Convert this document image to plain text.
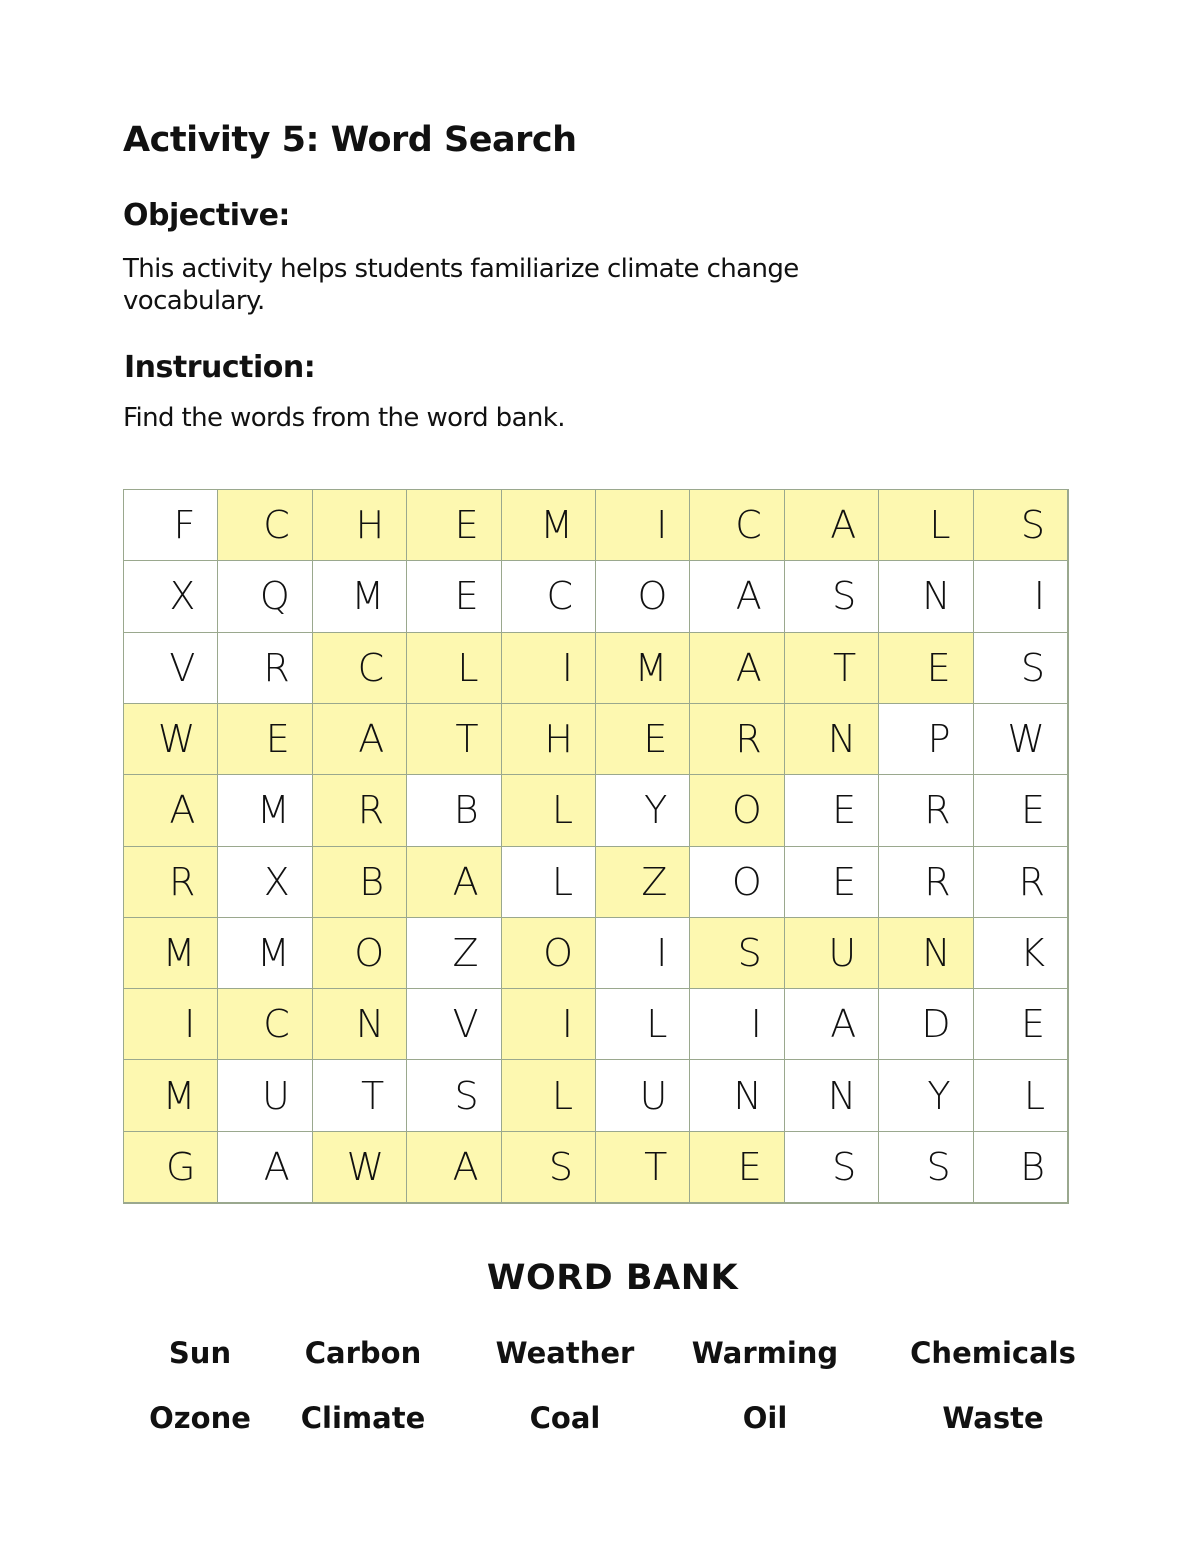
Activity 5: Word Search
Objective:
This activity helps students familiarize climate change vocabulary.
Instruction:
Find the words from the word bank.
F	C	H	E	M	I	C	A	L	S
X	Q	M	E	C	O	A	S	N	I
V	R	C	L	I	M	A	T	E	S
W	E	A	T	H	E	R	N	P	W
A	M	R	B	L	Y	O	E	R	E
R	X	B	A	L	Z	O	E	R	R
M	M	O	Z	O	I	S	U	N	K
I	C	N	V	I	L	I	A	D	E
M	U	T	S	L	U	N	N	Y	L
G	A	W	A	S	T	E	S	S	B
WORD BANK
Sun	Carbon	Weather Warming Chemicals
Ozone Climate	Coal	Oil	Waste
